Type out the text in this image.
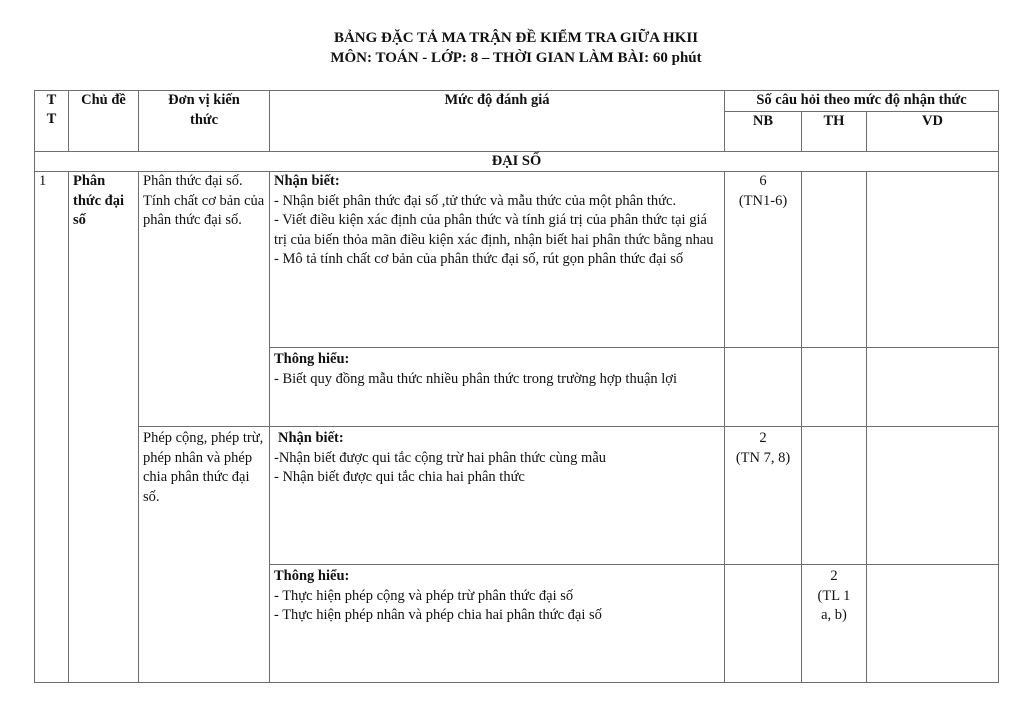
BẢNG ĐẶC TẢ MA TRẬN ĐỀ KIỂM TRA GIỮA HKII
MÔN: TOÁN - LỚP: 8 – THỜI GIAN LÀM BÀI: 60 phút
T T	Chủ đề	Đơn vị kiến thức	Mức độ đánh giá	Số câu hỏi theo mức độ nhận thức		
				NB	TH	VD
ĐẠI SỐ						
1	Phân thức đại số	Phân thức đại số. Tính chất cơ bản của phân thức đại số.	Nhận biết:
- Nhận biết phân thức đại số ,tử thức và mẫu thức của một phân thức.
- Viết điều kiện xác định của phân thức và tính giá trị của phân thức tại giá trị của biến thỏa mãn điều kiện xác định, nhận biết hai phân thức bằng nhau
- Mô tả tính chất cơ bản của phân thức đại số, rút gọn phân thức đại số	6
(TN1-6)		

			Thông hiểu:
- Biết quy đồng mẫu thức nhiều phân thức trong trường hợp thuận lợi			

		Phép cộng, phép trừ, phép nhân và phép chia phân thức đại số.	Nhận biết:
-Nhận biết được qui tắc cộng trừ hai phân thức cùng mẫu
- Nhận biết được qui tắc chia hai phân thức	2
(TN 7, 8)		

			Thông hiểu:
- Thực hiện phép cộng và phép trừ phân thức đại số
- Thực hiện phép nhân và phép chia hai phân thức đại số		2
(TL 1 a, b)	
